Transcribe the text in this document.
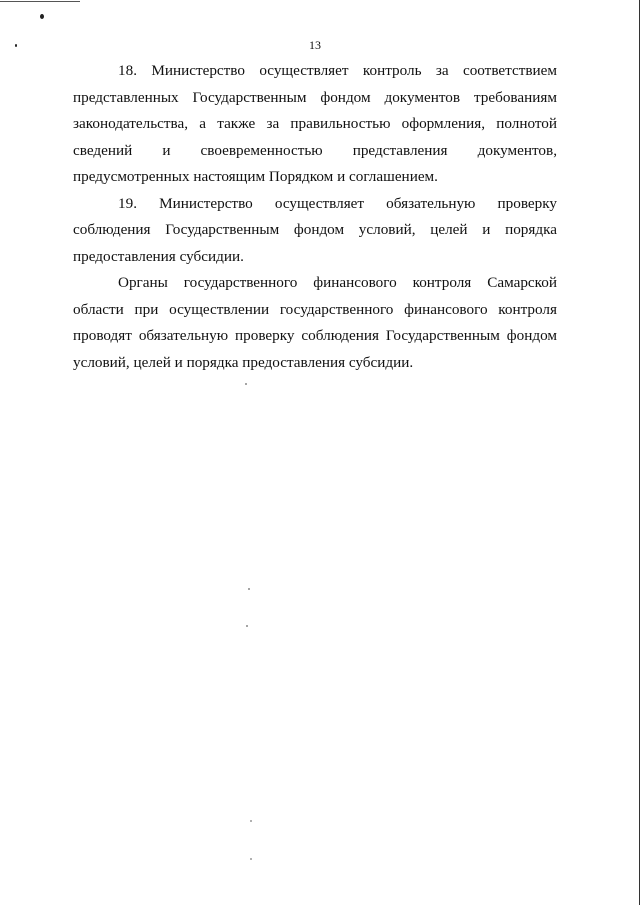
13

18. Министерство осуществляет контроль за соответствием представленных Государственным фондом документов требованиям законодательства, а также за правильностью оформления, полнотой сведений и своевременностью представления документов, предусмотренных настоящим Порядком и соглашением.

19. Министерство осуществляет обязательную проверку соблюдения Государственным фондом условий, целей и порядка предоставления субсидии.

Органы государственного финансового контроля Самарской области при осуществлении государственного финансового контроля проводят обязательную проверку соблюдения Государственным фондом условий, целей и порядка предоставления субсидии.
